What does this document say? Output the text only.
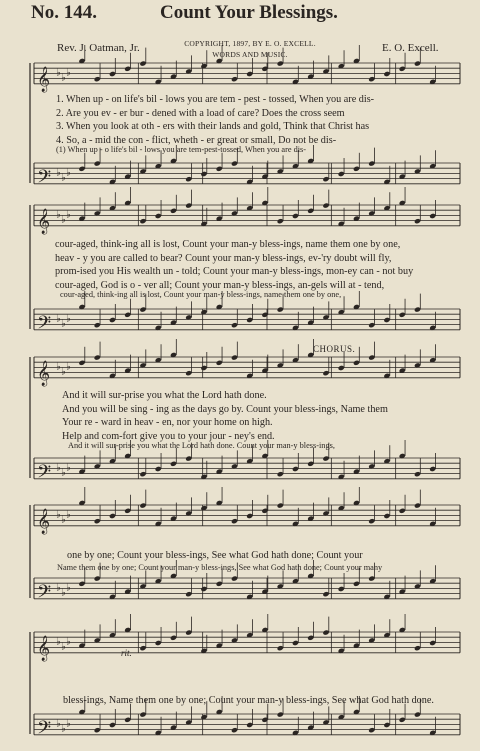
𝄞 ♭ ♭ ♭
𝄢 ♭ ♭ ♭
𝄞 ♭ ♭ ♭
𝄢 ♭ ♭ ♭
𝄞 ♭ ♭ ♭
𝄢 ♭ ♭ ♭
𝄞 ♭ ♭ ♭
𝄢 ♭ ♭ ♭
𝄞 ♭ ♭ ♭
𝄢 ♭ ♭ ♭
No. 144.	Count Your Blessings.
Rev. J. Oatman, Jr.	COPYRIGHT, 1897, BY E. O. EXCELL.
WORDS AND MUSIC.
E. O. Excell.
1. When up - on life's bil - lows you are tem - pest - tossed, When you are dis-
2. Are you ev - er bur - dened with a load of care? Does the cross seem
3. When you look at oth - ers with their lands and gold, Think that Christ has
4. So, a - mid the con - flict, wheth - er great or small, Do not be dis-
(1) When up - o life's bil - lows you are tem-pest-tossed, When you are dis-
cour-aged, think-ing all is lost, Count your man-y bless-ings, name them one by one,
heav - y you are called to bear? Count your man-y bless-ings, ev-'ry doubt will fly,
prom-ised you His wealth un - told; Count your man-y bless-ings, mon-ey can - not buy
cour-aged, God is o - ver all; Count your man-y bless-ings, an-gels will at - tend,
cour-aged, think-ing all is lost, Count your man-y bless-ings, name them one by one,
CHORUS.
And it will sur-prise you what the Lord hath done.
And you will be sing - ing as the days go by. Count your bless-ings, Name them
Your re - ward in heav - en, nor your home on high.
Help and com-fort give you to your jour - ney's end.
And it will sur-prise you what the Lord hath done. Count your man-y bless-ings,
one by one; Count your bless-ings, See what God hath done; Count your
Name them one by one; Count your man-y bless-ings, See what God hath done; Count your many
rit.
bless-ings, Name them one by one; Count your man-y bless-ings, See what God hath done.
